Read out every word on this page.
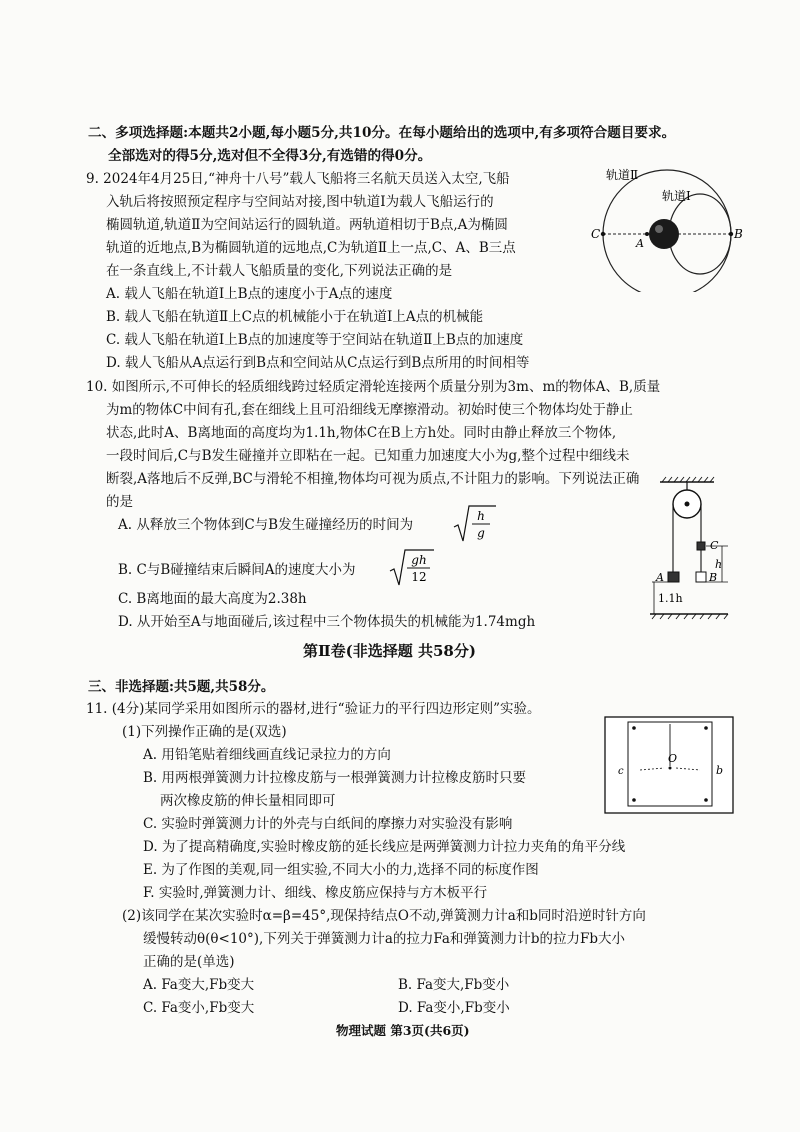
二、多项选择题:本题共2小题,每小题5分,共10分。在每小题给出的选项中,有多项符合题目要求。
全部选对的得5分,选对但不全得3分,有选错的得0分。
9. 2024年4月25日,“神舟十八号”载人飞船将三名航天员送入太空,飞船
入轨后将按照预定程序与空间站对接,图中轨道Ⅰ为载人飞船运行的
椭圆轨道,轨道Ⅱ为空间站运行的圆轨道。两轨道相切于B点,A为椭圆
轨道的近地点,B为椭圆轨道的远地点,C为轨道Ⅱ上一点,C、A、B三点
在一条直线上,不计载人飞船质量的变化,下列说法正确的是
A. 载人飞船在轨道Ⅰ上B点的速度小于A点的速度
B. 载人飞船在轨道Ⅱ上C点的机械能小于在轨道Ⅰ上A点的机械能
C. 载人飞船在轨道Ⅰ上B点的加速度等于空间站在轨道Ⅱ上B点的加速度
D. 载人飞船从A点运行到B点和空间站从C点运行到B点所用的时间相等
轨道Ⅱ
轨道Ⅰ
C
A
B
10. 如图所示,不可伸长的轻质细线跨过轻质定滑轮连接两个质量分别为3m、m的物体A、B,质量
为m的物体C中间有孔,套在细线上且可沿细线无摩擦滑动。初始时使三个物体均处于静止
状态,此时A、B离地面的高度均为1.1h,物体C在B上方h处。同时由静止释放三个物体,
一段时间后,C与B发生碰撞并立即粘在一起。已知重力加速度大小为g,整个过程中细线未
断裂,A落地后不反弹,BC与滑轮不相撞,物体均可视为质点,不计阻力的影响。下列说法正确
的是
A. 从释放三个物体到C与B发生碰撞经历的时间为
h
g
B. C与B碰撞结束后瞬间A的速度大小为
gh
12
C. B离地面的最大高度为2.38h
D. 从开始至A与地面碰后,该过程中三个物体损失的机械能为1.74mgh
A	B
C
h
1.1h
第Ⅱ卷(非选择题 共58分)
三、非选择题:共5题,共58分。
11. (4分)某同学采用如图所示的器材,进行“验证力的平行四边形定则”实验。
(1)下列操作正确的是(双选)
A. 用铅笔贴着细线画直线记录拉力的方向
B. 用两根弹簧测力计拉橡皮筋与一根弹簧测力计拉橡皮筋时只要
两次橡皮筋的伸长量相同即可
C. 实验时弹簧测力计的外壳与白纸间的摩擦力对实验没有影响
D. 为了提高精确度,实验时橡皮筋的延长线应是两弹簧测力计拉力夹角的角平分线
E. 为了作图的美观,同一组实验,不同大小的力,选择不同的标度作图
F. 实验时,弹簧测力计、细线、橡皮筋应保持与方木板平行
(2)该同学在某次实验时α=β=45°,现保持结点O不动,弹簧测力计a和b同时沿逆时针方向
缓慢转动θ(θ<10°),下列关于弹簧测力计a的拉力Fa和弹簧测力计b的拉力Fb大小
正确的是(单选)
A. Fa变大,Fb变大	B. Fa变大,Fb变小
C. Fa变小,Fb变大	D. Fa变小,Fb变小
O
c	b
物理试题 第3页(共6页)
